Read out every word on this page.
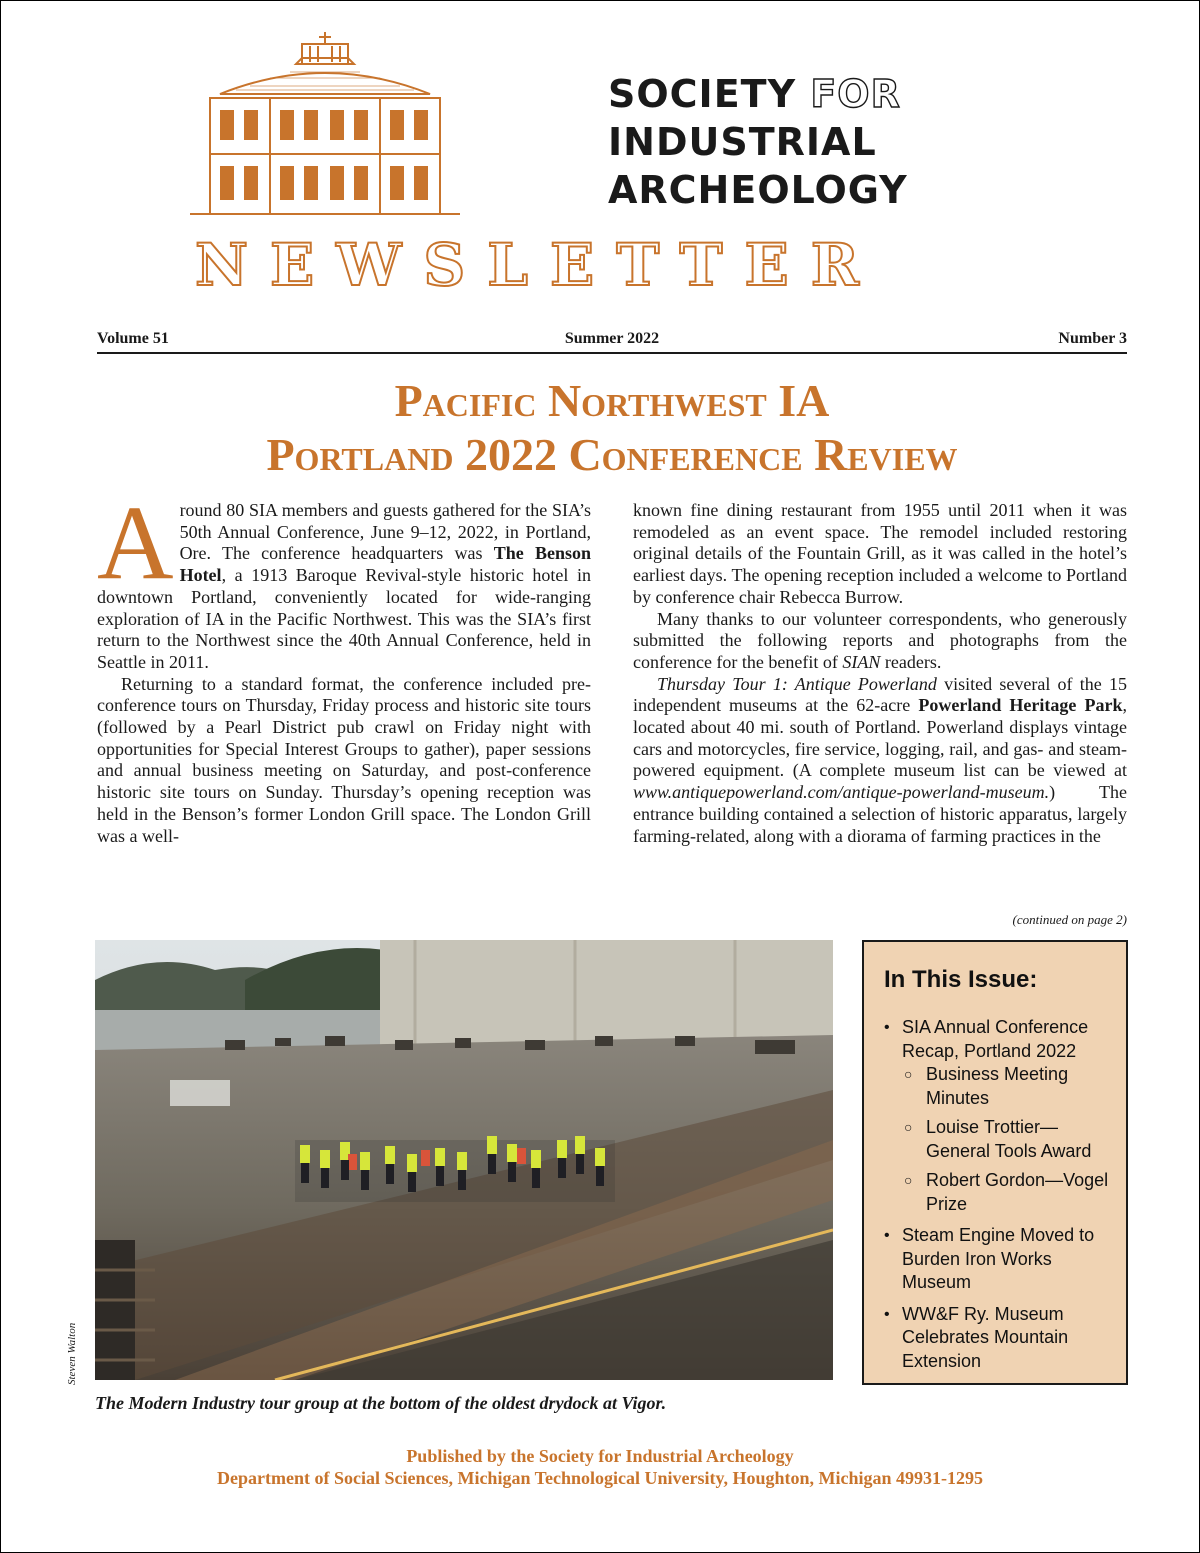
SOCIETY FOR
INDUSTRIAL
ARCHEOLOGY
NEWSLETTER
Volume 51	Summer 2022	Number 3
Pacific Northwest IA
Portland 2022 Conference Review

Around 80 SIA members and guests gathered for the SIA’s 50th Annual Conference, June 9–12, 2022, in Portland, Ore. The conference headquarters was The Benson Hotel, a 1913 Baroque Revival-style historic hotel in downtown Portland, conveniently located for wide-ranging exploration of IA in the Pacific Northwest. This was the SIA’s first return to the Northwest since the 40th Annual Conference, held in Seattle in 2011.

Returning to a standard format, the conference included pre-conference tours on Thursday, Friday process and historic site tours (followed by a Pearl District pub crawl on Friday night with opportunities for Special Interest Groups to gather), paper sessions and annual business meeting on Saturday, and post-conference historic site tours on Sunday. Thursday’s opening reception was held in the Benson’s former London Grill space. The London Grill was a well-

known fine dining restaurant from 1955 until 2011 when it was remodeled as an event space. The remodel included restoring original details of the Fountain Grill, as it was called in the hotel’s earliest days. The opening reception included a welcome to Portland by conference chair Rebecca Burrow.

Many thanks to our volunteer correspondents, who generously submitted the following reports and photographs from the conference for the benefit of SIAN readers.

Thursday Tour 1: Antique Powerland visited several of the 15 independent museums at the 62-acre Powerland Heritage Park, located about 40 mi. south of Portland. Powerland displays vintage cars and motorcycles, fire service, logging, rail, and gas- and steam-powered equipment. (A complete museum list can be viewed at www.antiquepowerland.com/antique-powerland-museum.) The entrance building contained a selection of historic apparatus, largely farming-related, along with a diorama of farming practices in the

(continued on page 2)
Steven Walton
The Modern Industry tour group at the bottom of the oldest drydock at Vigor.
In This Issue:
• SIA Annual Conference Recap, Portland 2022
○ Business Meeting Minutes
○ Louise Trottier—General Tools Award
○ Robert Gordon—Vogel Prize
• Steam Engine Moved to Burden Iron Works Museum
• WW&F Ry. Museum Celebrates Mountain Extension
Published by the Society for Industrial Archeology
Department of Social Sciences, Michigan Technological University, Houghton, Michigan 49931-1295
